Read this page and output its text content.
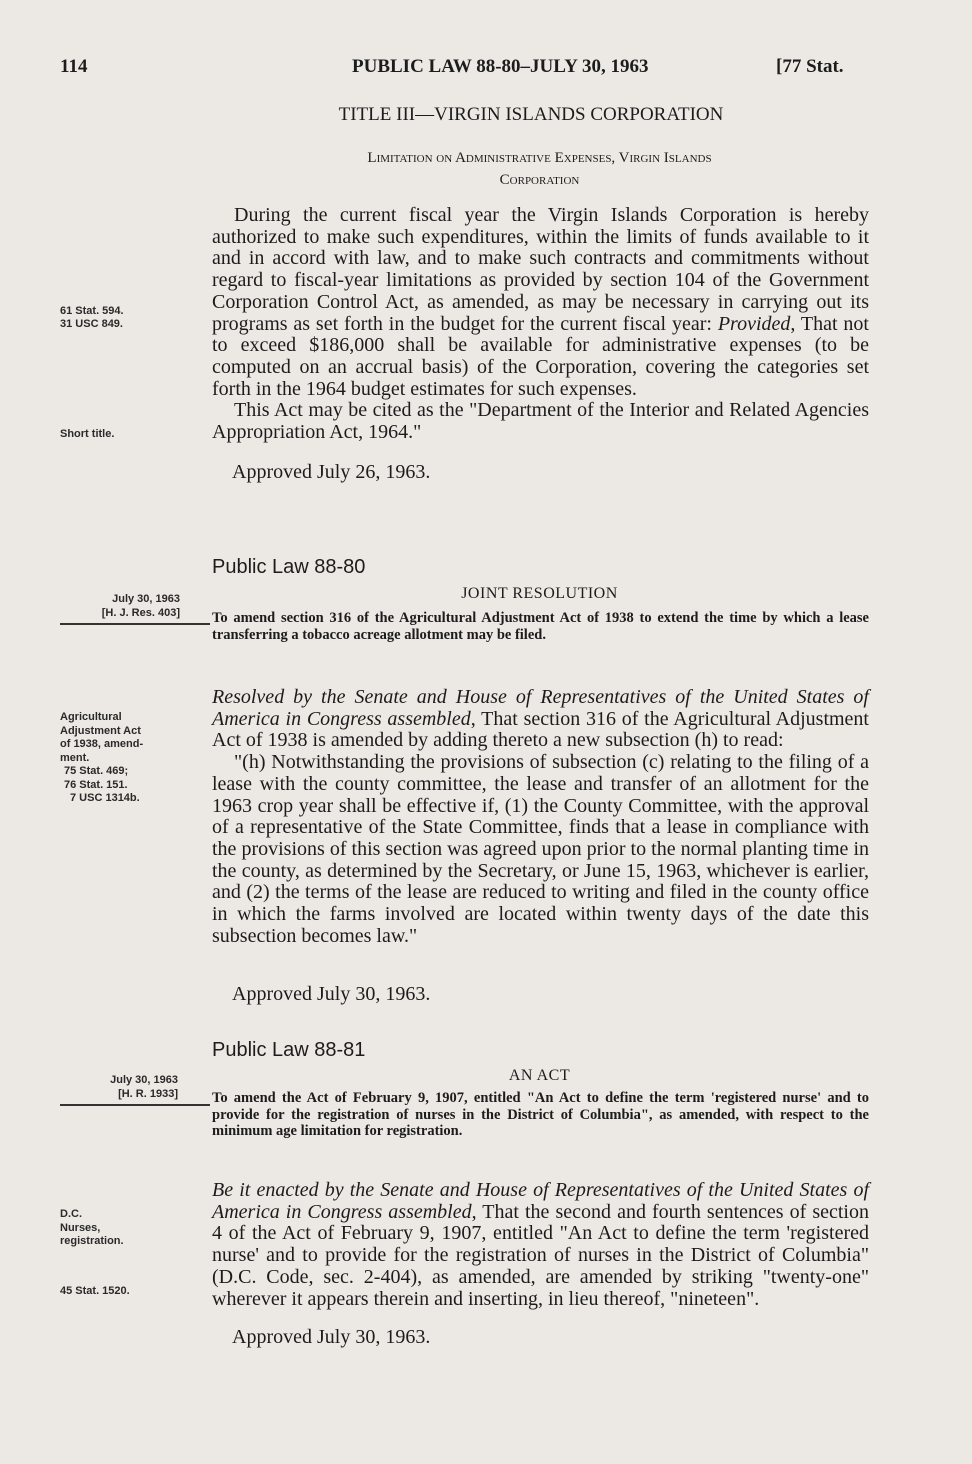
114	PUBLIC LAW 88-80–JULY 30, 1963	[77 Stat.
TITLE III—VIRGIN ISLANDS CORPORATION
Limitation on Administrative Expenses, Virgin Islands
Corporation

During the current fiscal year the Virgin Islands Corporation is hereby authorized to make such expenditures, within the limits of funds available to it and in accord with law, and to make such contracts and commitments without regard to fiscal-year limitations as provided by section 104 of the Government Corporation Control Act, as amended, as may be necessary in carrying out its programs as set forth in the budget for the current fiscal year: Provided, That not to exceed $186,000 shall be available for administrative expenses (to be computed on an accrual basis) of the Corporation, covering the categories set forth in the 1964 budget estimates for such expenses.

This Act may be cited as the "Department of the Interior and Related Agencies Appropriation Act, 1964."

Approved July 26, 1963.
Public Law 88-80
JOINT RESOLUTION
To amend section 316 of the Agricultural Adjustment Act of 1938 to extend the time by which a lease transferring a tobacco acreage allotment may be filed.

Resolved by the Senate and House of Representatives of the United States of America in Congress assembled, That section 316 of the Agricultural Adjustment Act of 1938 is amended by adding thereto a new subsection (h) to read:

"(h) Notwithstanding the provisions of subsection (c) relating to the filing of a lease with the county committee, the lease and transfer of an allotment for the 1963 crop year shall be effective if, (1) the County Committee, with the approval of a representative of the State Committee, finds that a lease in compliance with the provisions of this section was agreed upon prior to the normal planting time in the county, as determined by the Secretary, or June 15, 1963, whichever is earlier, and (2) the terms of the lease are reduced to writing and filed in the county office in which the farms involved are located within twenty days of the date this subsection becomes law."

Approved July 30, 1963.
Public Law 88-81
AN ACT
To amend the Act of February 9, 1907, entitled "An Act to define the term 'registered nurse' and to provide for the registration of nurses in the District of Columbia", as amended, with respect to the minimum age limitation for registration.

Be it enacted by the Senate and House of Representatives of the United States of America in Congress assembled, That the second and fourth sentences of section 4 of the Act of February 9, 1907, entitled "An Act to define the term 'registered nurse' and to provide for the registration of nurses in the District of Columbia" (D.C. Code, sec. 2-404), as amended, are amended by striking "twenty-one" wherever it appears therein and inserting, in lieu thereof, "nineteen".

Approved July 30, 1963.
61 Stat. 594.
31 USC 849.
Short title.
July 30, 1963
[H. J. Res. 403]
Agricultural
Adjustment Act
of 1938, amend-
ment.
75 Stat. 469;
76 Stat. 151.
7 USC 1314b.
July 30, 1963
[H. R. 1933]
D.C.
Nurses,
registration.
45 Stat. 1520.
